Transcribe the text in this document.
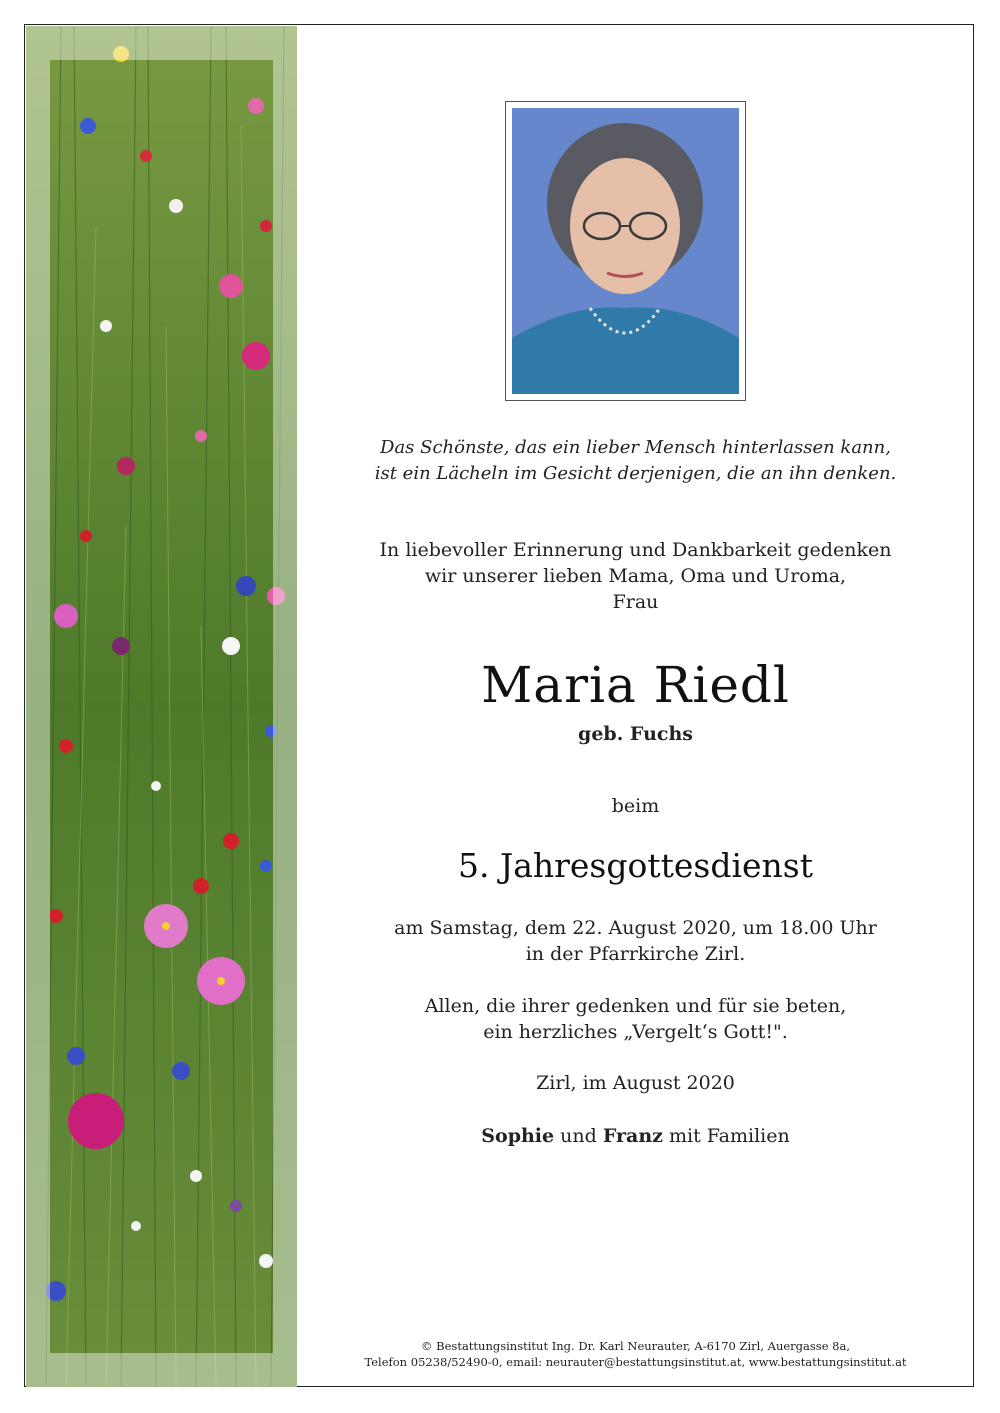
Das Schönste, das ein lieber Mensch hinterlassen kann,
ist ein Lächeln im Gesicht derjenigen, die an ihn denken.
In liebevoller Erinnerung und Dankbarkeit gedenken
wir unserer lieben Mama, Oma und Uroma,
Frau
Maria Riedl
geb. Fuchs
beim
5. Jahresgottesdienst
am Samstag, dem 22. August 2020, um 18.00 Uhr
in der Pfarrkirche Zirl.
Allen, die ihrer gedenken und für sie beten,
ein herzliches „Vergelt‘s Gott!".
Zirl, im August 2020
Sophie und Franz mit Familien
© Bestattungsinstitut Ing. Dr. Karl Neurauter, A-6170 Zirl, Auergasse 8a,
Telefon 05238/52490-0, email: neurauter@bestattungsinstitut.at, www.bestattungsinstitut.at
